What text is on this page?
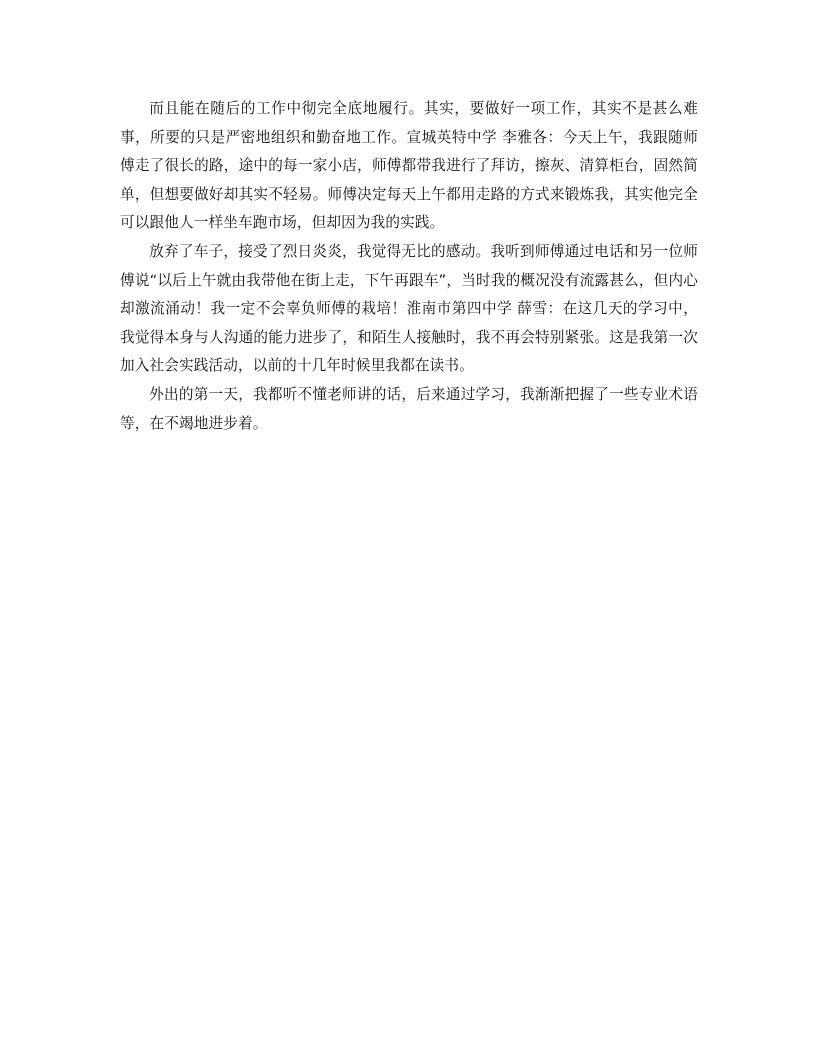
而且能在随后的工作中彻完全底地履行。其实，要做好一项工作，其实不是甚么难事，所要的只是严密地组织和勤奋地工作。宣城英特中学 李雅各：今天上午，我跟随师傅走了很长的路，途中的每一家小店，师傅都带我进行了拜访，擦灰、清算柜台，固然简单，但想要做好却其实不轻易。师傅决定每天上午都用走路的方式来锻炼我，其实他完全可以跟他人一样坐车跑市场，但却因为我的实践。

放弃了车子，接受了烈日炎炎，我觉得无比的感动。我听到师傅通过电话和另一位师傅说“以后上午就由我带他在街上走，下午再跟车”，当时我的概况没有流露甚么，但内心却激流涌动！我一定不会辜负师傅的栽培！淮南市第四中学 薛雪：在这几天的学习中，我觉得本身与人沟通的能力进步了，和陌生人接触时，我不再会特别紧张。这是我第一次加入社会实践活动，以前的十几年时候里我都在读书。

外出的第一天，我都听不懂老师讲的话，后来通过学习，我渐渐把握了一些专业术语等，在不竭地进步着。
